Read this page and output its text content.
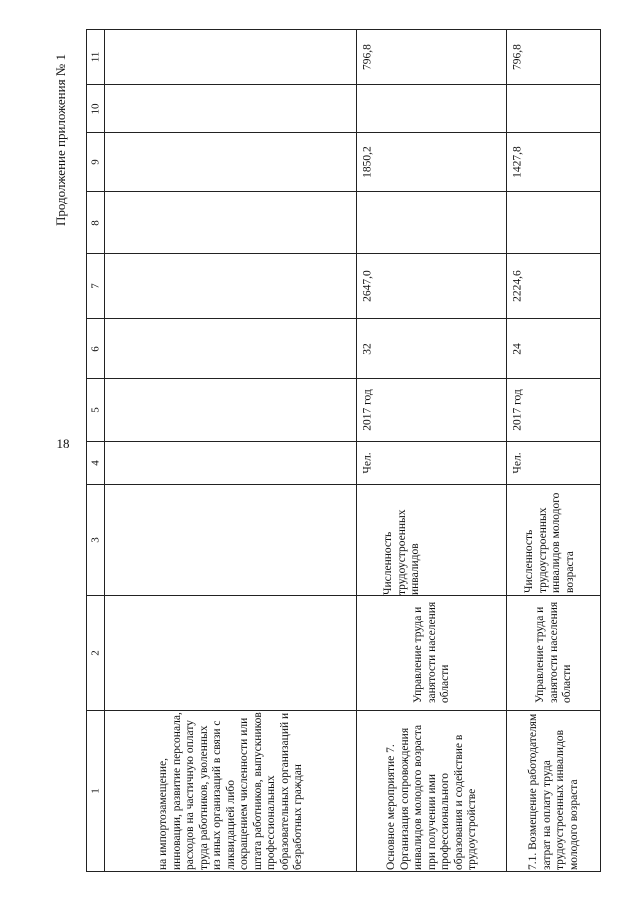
18
Продолжение приложения № 1
1
2
3
4
5
6
7
8
9
10
11
на импортозамещение, инновации, развитие персонала, расходов на частичную оплату труда работников, уволенных из иных организаций в связи с ликвидацией либо сокращением численности или штата работников, выпускников профессиональных образовательных организаций и безработных граждан	Основное мероприятие 7. Организация сопровождения инвалидов молодого возраста при получении ими профессионального образования и содействие в трудоустройстве
Управление труда и занятости населения области
Численность трудоустроенных инвалидов
Чел.
2017 год
32
2647,0
1850,2
796,8
7.1. Возмещение работодателям затрат на оплату труда трудоустроенных инвалидов молодого возраста
Управление труда и занятости населения области
Численность трудоустроенных инвалидов молодого возраста
Чел.
2017 год
24
2224,6
1427,8
796,8
